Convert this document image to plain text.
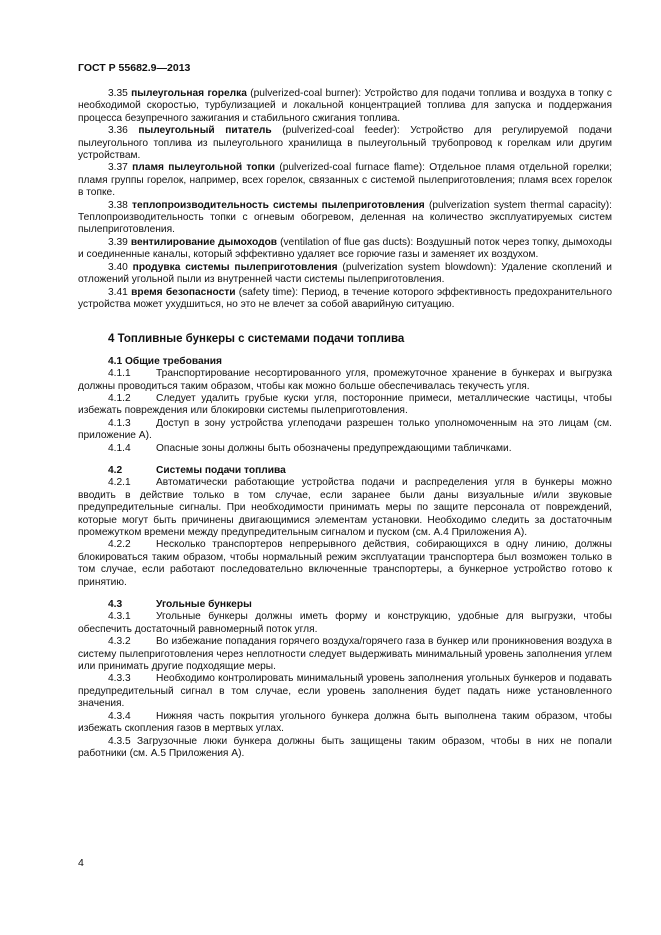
ГОСТ Р 55682.9—2013

3.35 пылеугольная горелка (pulverized-coal burner): Устройство для подачи топлива и воздуха в топку с необходимой скоростью, турбулизацией и локальной концентрацией топлива для запуска и поддержания процесса безупречного зажигания и стабильного сжигания топлива.

3.36 пылеугольный питатель (pulverized-coal feeder): Устройство для регулируемой подачи пылеугольного топлива из пылеугольного хранилища в пылеугольный трубопровод к горелкам или другим устройствам.

3.37 пламя пылеугольной топки (pulverized-coal furnace flame): Отдельное пламя отдельной горелки; пламя группы горелок, например, всех горелок, связанных с системой пылеприготовления; пламя всех горелок в топке.

3.38 теплопроизводительность системы пылеприготовления (pulverization system thermal capacity): Теплопроизводительность топки с огневым обогревом, деленная на количество эксплуатируемых систем пылеприготовления.

3.39 вентилирование дымоходов (ventilation of flue gas ducts): Воздушный поток через топку, дымоходы и соединенные каналы, который эффективно удаляет все горючие газы и заменяет их воздухом.

3.40 продувка системы пылеприготовления (pulverization system blowdown): Удаление скоплений и отложений угольной пыли из внутренней части системы пылеприготовления.

3.41 время безопасности (safety time): Период, в течение которого эффективность предохранительного устройства может ухудшиться, но это не влечет за собой аварийную ситуацию.

4 Топливные бункеры с системами подачи топлива

4.1 Общие требования

4.1.1 Транспортирование несортированного угля, промежуточное хранение в бункерах и выгрузка должны проводиться таким образом, чтобы как можно больше обеспечивалась текучесть угля.

4.1.2 Следует удалить грубые куски угля, посторонние примеси, металлические частицы, чтобы избежать повреждения или блокировки системы пылеприготовления.

4.1.3 Доступ в зону устройства углеподачи разрешен только уполномоченным на это лицам (см. приложение А).

4.1.4 Опасные зоны должны быть обозначены предупреждающими табличками.

4.2	Системы подачи топлива

4.2.1 Автоматически работающие устройства подачи и распределения угля в бункеры можно вводить в действие только в том случае, если заранее были даны визуальные и/или звуковые предупредительные сигналы. При необходимости принимать меры по защите персонала от повреждений, которые могут быть причинены двигающимися элементам установки. Необходимо следить за достаточным промежутком времени между предупредительным сигналом и пуском (см. А.4 Приложения А).

4.2.2 Несколько транспортеров непрерывного действия, собирающихся в одну линию, должны блокироваться таким образом, чтобы нормальный режим эксплуатации транспортера был возможен только в том случае, если работают последовательно включенные транспортеры, а бункерное устройство готово к принятию.

4.3	Угольные бункеры

4.3.1 Угольные бункеры должны иметь форму и конструкцию, удобные для выгрузки, чтобы обеспечить достаточный равномерный поток угля.

4.3.2 Во избежание попадания горячего воздуха/горячего газа в бункер или проникновения воздуха в систему пылеприготовления через неплотности следует выдерживать минимальный уровень заполнения углем или принимать другие подходящие меры.

4.3.3 Необходимо контролировать минимальный уровень заполнения угольных бункеров и подавать предупредительный сигнал в том случае, если уровень заполнения будет падать ниже установленного значения.

4.3.4 Нижняя часть покрытия угольного бункера должна быть выполнена таким образом, чтобы избежать скопления газов в мертвых углах.

4.3.5 Загрузочные люки бункера должны быть защищены таким образом, чтобы в них не попали работники (см. А.5 Приложения А).

4
